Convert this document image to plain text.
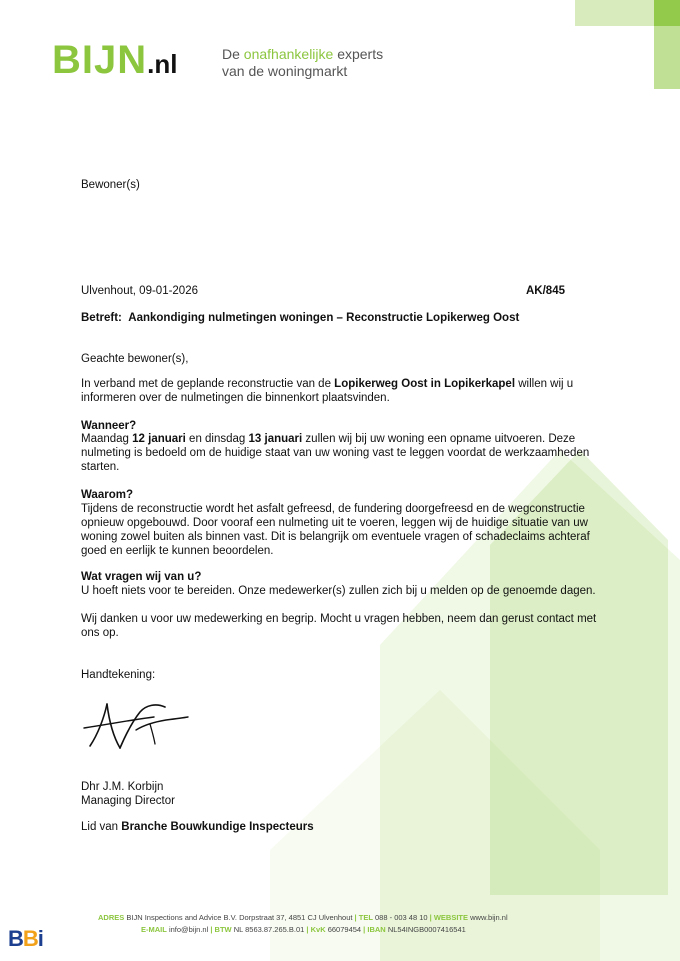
BIJN.nl	De onafhankelijke experts
van de woningmarkt
Bewoner(s)
Ulvenhout, 09-01-2026	AK/845
Betreft: Aankondiging nulmetingen woningen – Reconstructie Lopikerweg Oost
Geachte bewoner(s),
In verband met de geplande reconstructie van de Lopikerweg Oost in Lopikerkapel willen wij u informeren over de nulmetingen die binnenkort plaatsvinden.
Wanneer?
Maandag 12 januari en dinsdag 13 januari zullen wij bij uw woning een opname uitvoeren. Deze nulmeting is bedoeld om de huidige staat van uw woning vast te leggen voordat de werkzaamheden starten.
Waarom?
Tijdens de reconstructie wordt het asfalt gefreesd, de fundering doorgefreesd en de wegconstructie opnieuw opgebouwd. Door vooraf een nulmeting uit te voeren, leggen wij de huidige situatie van uw woning zowel buiten als binnen vast. Dit is belangrijk om eventuele vragen of schadeclaims achteraf goed en eerlijk te kunnen beoordelen.
Wat vragen wij van u?
U hoeft niets voor te bereiden. Onze medewerker(s) zullen zich bij u melden op de genoemde dagen.
Wij danken u voor uw medewerking en begrip. Mocht u vragen hebben, neem dan gerust contact met ons op.
Handtekening:
Dhr J.M. Korbijn
Managing Director
Lid van Branche Bouwkundige Inspecteurs
ADRES BIJN Inspections and Advice B.V. Dorpstraat 37, 4851 CJ Ulvenhout | TEL 088 - 003 48 10 | WEBSITE www.bijn.nl
E-MAIL info@bijn.nl | BTW NL 8563.87.265.B.01 | KvK 66079454 | IBAN NL54INGB0007416541
BBi
